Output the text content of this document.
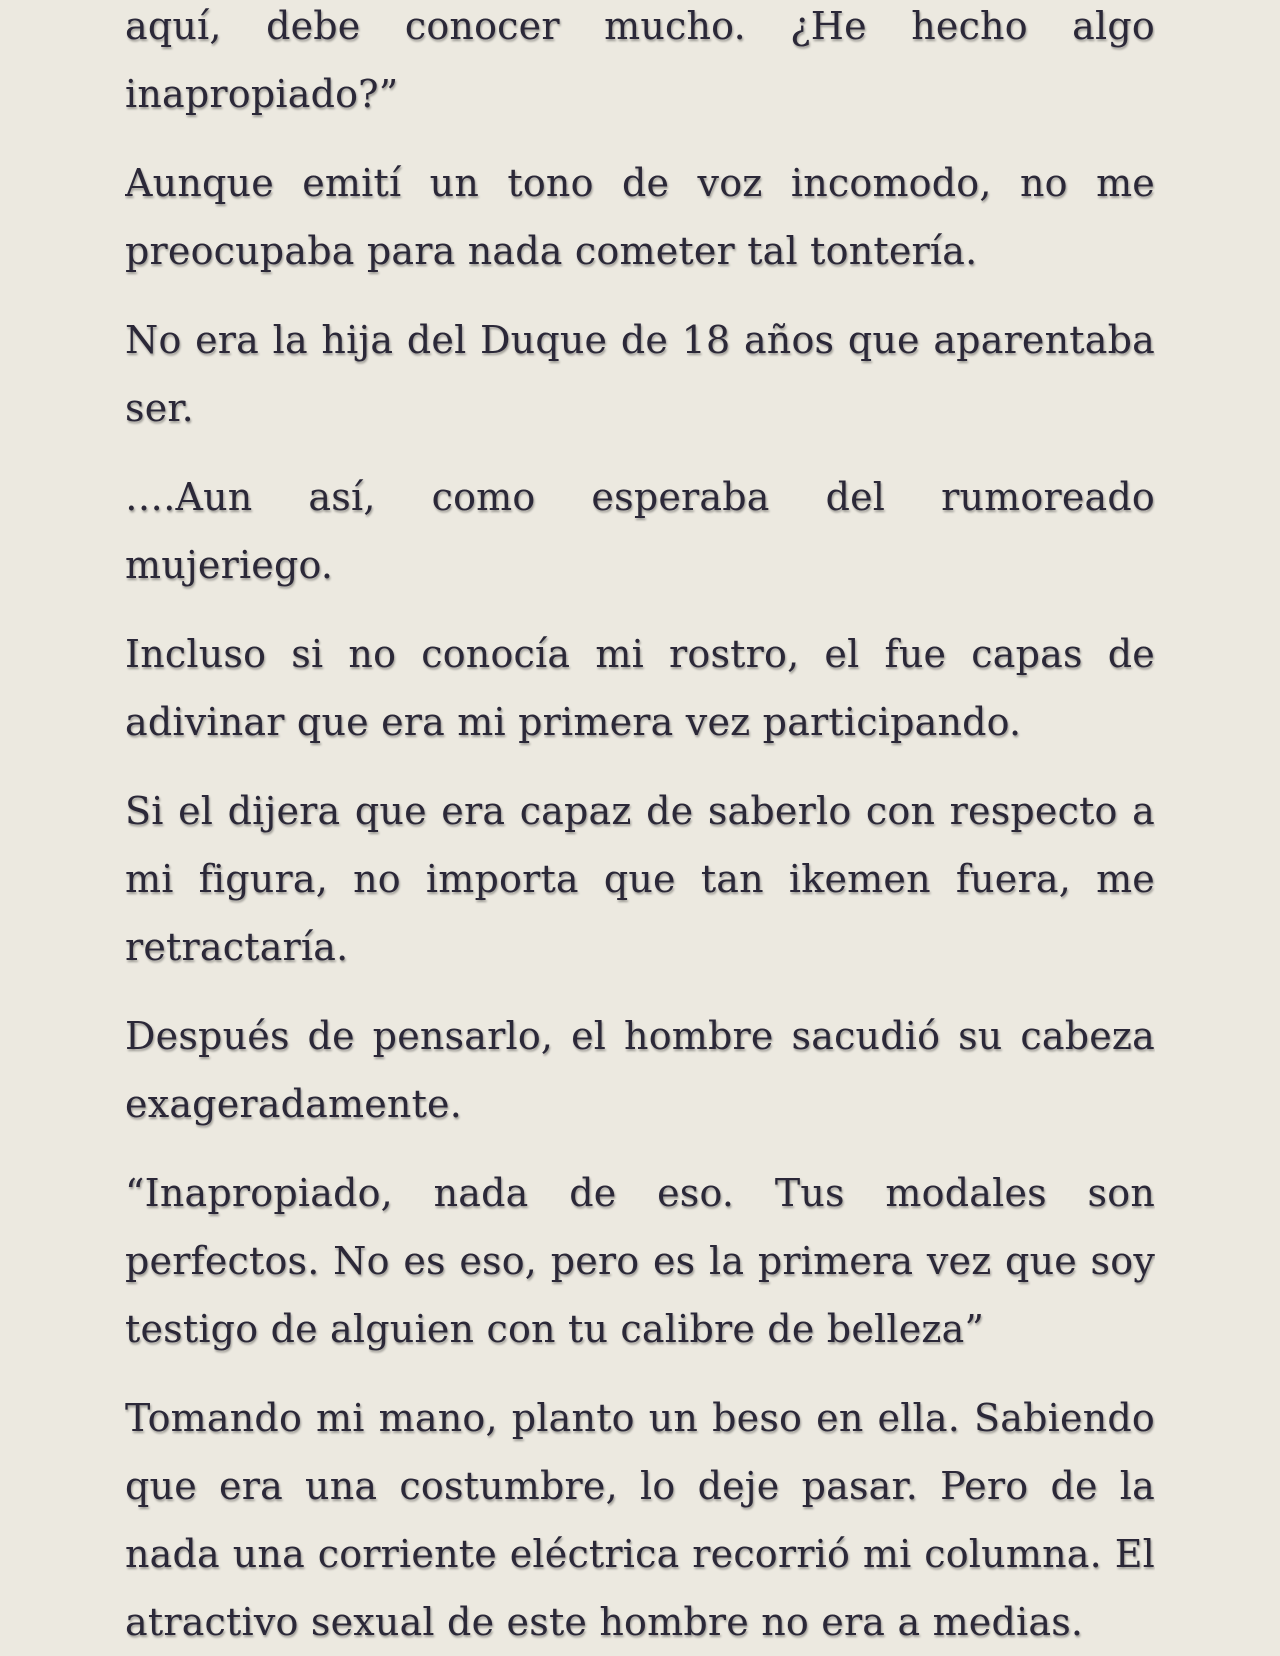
aquí, debe conocer mucho. ¿He hecho algo inapropiado?”

Aunque emití un tono de voz incomodo, no me preocupaba para nada cometer tal tontería.

No era la hija del Duque de 18 años que aparentaba ser.

….Aun así, como esperaba del rumoreado mujeriego.

Incluso si no conocía mi rostro, el fue capas de adivinar que era mi primera vez participando.

Si el dijera que era capaz de saberlo con respecto a mi figura, no importa que tan ikemen fuera, me retractaría.

Después de pensarlo, el hombre sacudió su cabeza exageradamente.

“Inapropiado, nada de eso. Tus modales son perfectos. No es eso, pero es la primera vez que soy testigo de alguien con tu calibre de belleza”

Tomando mi mano, planto un beso en ella. Sabiendo que era una costumbre, lo deje pasar. Pero de la nada una corriente eléctrica recorrió mi columna. El atractivo sexual de este hombre no era a medias.
